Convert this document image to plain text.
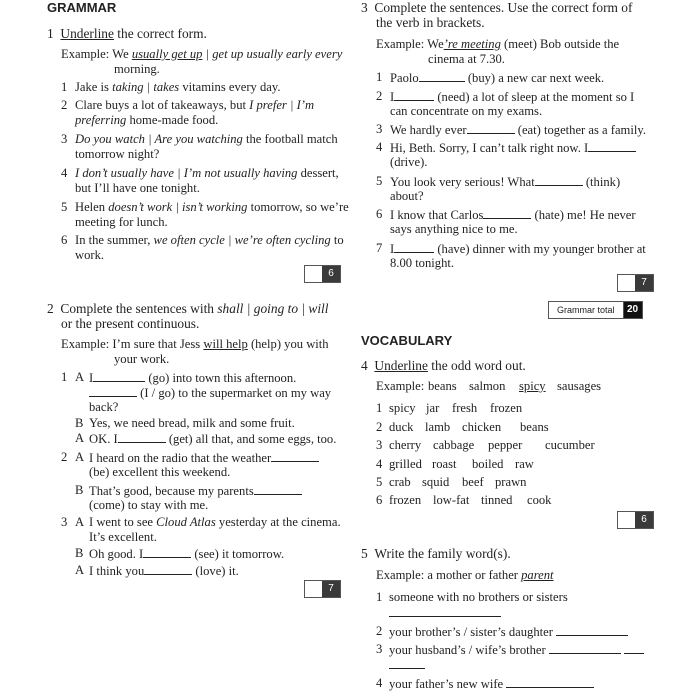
GRAMMAR
1 Underline the correct form.
Example: We usually get up | get up usually early every
morning.
1 Jake is taking | takes vitamins every day.
2 Clare buys a lot of takeaways, but I prefer | I’m
preferring home-made food.
3 Do you watch | Are you watching the football match
tomorrow night?
4 I don’t usually have | I’m not usually having dessert,
but I’ll have one tonight.
5 Helen doesn’t work | isn’t working tomorrow, so we’re
meeting for lunch.
6 In the summer, we often cycle | we’re often cycling to
work.
6
2 Complete the sentences with shall | going to | will
or the present continuous.
Example: I’m sure that Jess will help (help) you with
your work.
1 A I	(go) into town this afternoon.
(I / go) to the supermarket on my way
back?
B Yes, we need bread, milk and some fruit.
A OK. I	(get) all that, and some eggs, too.
2 A I heard on the radio that the weather
(be) excellent this weekend.
B That’s good, because my parents
(come) to stay with me.
3 A I went to see Cloud Atlas yesterday at the cinema.
It’s excellent.
B Oh good. I	(see) it tomorrow.
A I think you	(love) it.
7
3 Complete the sentences. Use the correct form of
the verb in brackets.
Example: We’re meeting (meet) Bob outside the
cinema at 7.30.
1 Paolo	(buy) a new car next week.
2 I	(need) a lot of sleep at the moment so I
can concentrate on my exams.
3 We hardly ever	(eat) together as a family.
4 Hi, Beth. Sorry, I can’t talk right now. I
(drive).
5 You look very serious! What	(think)
about?
6 I know that Carlos	(hate) me! He never
says anything nice to me.
7 I	(have) dinner with my younger brother at
8.00 tonight.
7
Grammar total	20
VOCABULARY
4 Underline the odd word out.
Example: beans salmon spicy sausages
1 spicy jar fresh frozen
2 duck lamb chicken beans
3 cherry cabbage pepper cucumber
4 grilled roast boiled raw
5 crab squid beef prawn
6 frozen low-fat tinned cook
6
5 Write the family word(s).
Example: a mother or father parent
1 someone with no brothers or sisters
2 your brother’s / sister’s daughter
3 your husband’s / wife’s brother
4 your father’s new wife
